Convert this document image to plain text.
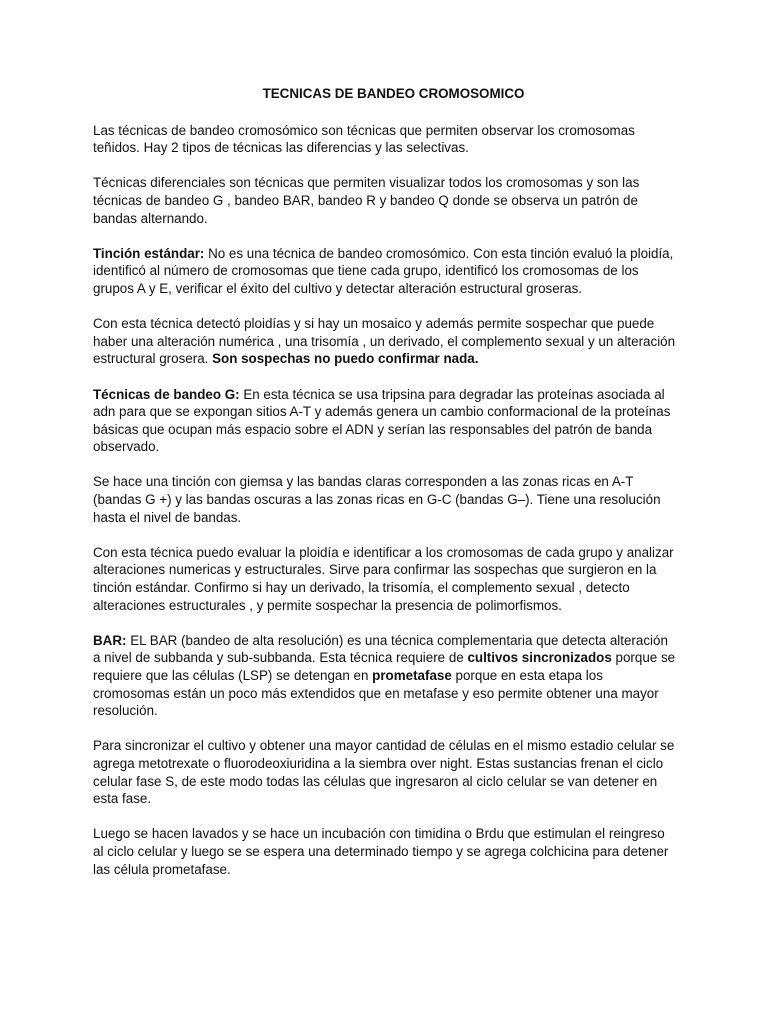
TECNICAS DE BANDEO CROMOSOMICO

Las técnicas de bandeo cromosómico son técnicas que permiten observar los cromosomas teñidos. Hay 2 tipos de técnicas las diferencias y las selectivas.

Técnicas diferenciales son técnicas que permiten visualizar todos los cromosomas y son las técnicas de bandeo G , bandeo BAR, bandeo R y bandeo Q donde se observa un patrón de bandas alternando.

Tinción estándar: No es una técnica de bandeo cromosómico. Con esta tinción evaluó la ploidía, identificó al número de cromosomas que tiene cada grupo, identificó los cromosomas de los grupos A y E, verificar el éxito del cultivo y detectar alteración estructural groseras.

Con esta técnica detectó ploidías y si hay un mosaico y además permite sospechar que puede haber una alteración numérica , una trisomía , un derivado, el complemento sexual y un alteración estructural grosera. Son sospechas no puedo confirmar nada.

Técnicas de bandeo G: En esta técnica se usa tripsina para degradar las proteínas asociada al adn para que se expongan sitios A-T y además genera un cambio conformacional de la proteínas básicas que ocupan más espacio sobre el ADN y serían las responsables del patrón de banda observado.

Se hace una tinción con giemsa y las bandas claras corresponden a las zonas ricas en A-T (bandas G +) y las bandas oscuras a las zonas ricas en G-C (bandas G–). Tiene una resolución hasta el nivel de bandas.

Con esta técnica puedo evaluar la ploidía e identificar a los cromosomas de cada grupo y analizar alteraciones numericas y estructurales. Sirve para confirmar las sospechas que surgieron en la tinción estándar. Confirmo si hay un derivado, la trisomía, el complemento sexual , detecto alteraciones estructurales , y permite sospechar la presencia de polimorfismos.

BAR: EL BAR (bandeo de alta resolución) es una técnica complementaria que detecta alteración a nivel de subbanda y sub-subbanda. Esta técnica requiere de cultivos sincronizados porque se requiere que las células (LSP) se detengan en prometafase porque en esta etapa los cromosomas están un poco más extendidos que en metafase y eso permite obtener una mayor resolución.

Para sincronizar el cultivo y obtener una mayor cantidad de células en el mismo estadio celular se agrega metotrexate o fluorodeoxiuridina a la siembra over night. Estas sustancias frenan el ciclo celular fase S, de este modo todas las células que ingresaron al ciclo celular se van detener en esta fase.

Luego se hacen lavados y se hace un incubación con timidina o Brdu que estimulan el reingreso al ciclo celular y luego se se espera una determinado tiempo y se agrega colchicina para detener las célula prometafase.
